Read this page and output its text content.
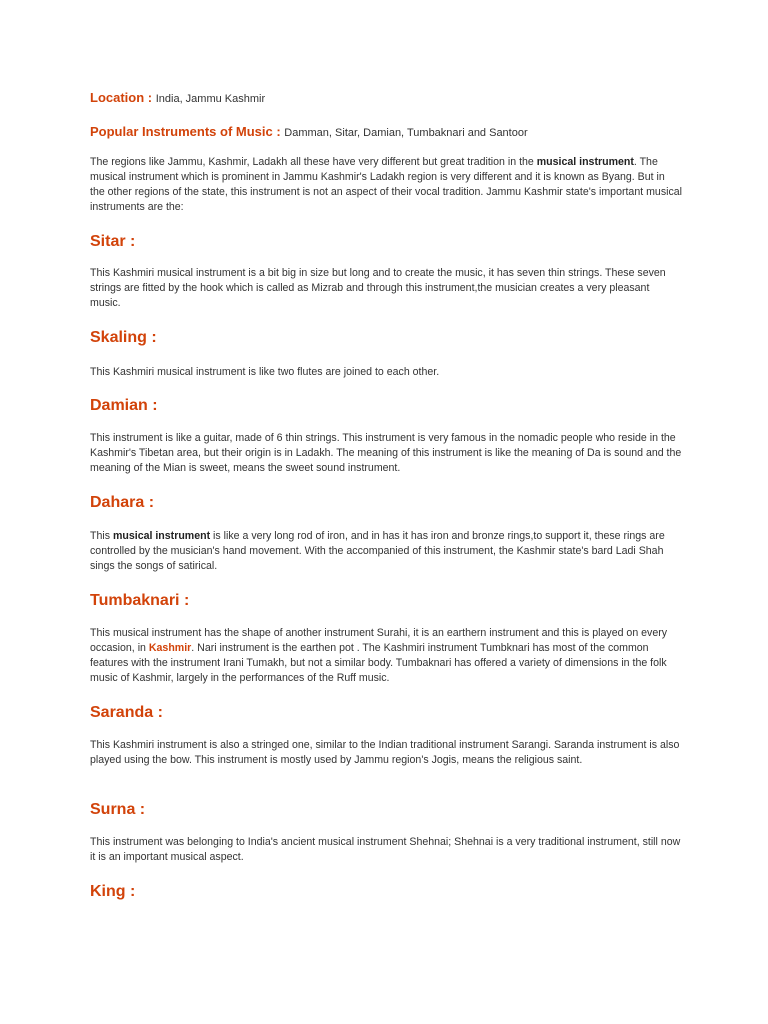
Location : India, Jammu Kashmir
Popular Instruments of Music : Damman, Sitar, Damian, Tumbaknari and Santoor

The regions like Jammu, Kashmir, Ladakh all these have very different but great tradition in the musical instrument. The musical instrument which is prominent in Jammu Kashmir's Ladakh region is very different and it is known as Byang. But in the other regions of the state, this instrument is not an aspect of their vocal tradition. Jammu Kashmir state's important musical instruments are the:

Sitar :

This Kashmiri musical instrument is a bit big in size but long and to create the music, it has seven thin strings. These seven strings are fitted by the hook which is called as Mizrab and through this instrument,the musician creates a very pleasant music.

Skaling :

This Kashmiri musical instrument is like two flutes are joined to each other.

Damian :

This instrument is like a guitar, made of 6 thin strings. This instrument is very famous in the nomadic people who reside in the Kashmir's Tibetan area, but their origin is in Ladakh. The meaning of this instrument is like the meaning of Da is sound and the meaning of the Mian is sweet, means the sweet sound instrument.

Dahara :

This musical instrument is like a very long rod of iron, and in has it has iron and bronze rings,to support it, these rings are controlled by the musician's hand movement. With the accompanied of this instrument, the Kashmir state's bard Ladi Shah sings the songs of satirical.

Tumbaknari :

This musical instrument has the shape of another instrument Surahi, it is an earthern instrument and this is played on every occasion, in Kashmir. Nari instrument is the earthen pot . The Kashmiri instrument Tumbknari has most of the common features with the instrument Irani Tumakh, but not a similar body. Tumbaknari has offered a variety of dimensions in the folk music of Kashmir, largely in the performances of the Ruff music.

Saranda :

This Kashmiri instrument is also a stringed one, similar to the Indian traditional instrument Sarangi. Saranda instrument is also played using the bow. This instrument is mostly used by Jammu region's Jogis, means the religious saint.

Surna :

This instrument was belonging to India's ancient musical instrument Shehnai; Shehnai is a very traditional instrument, still now it is an important musical aspect.

King :
